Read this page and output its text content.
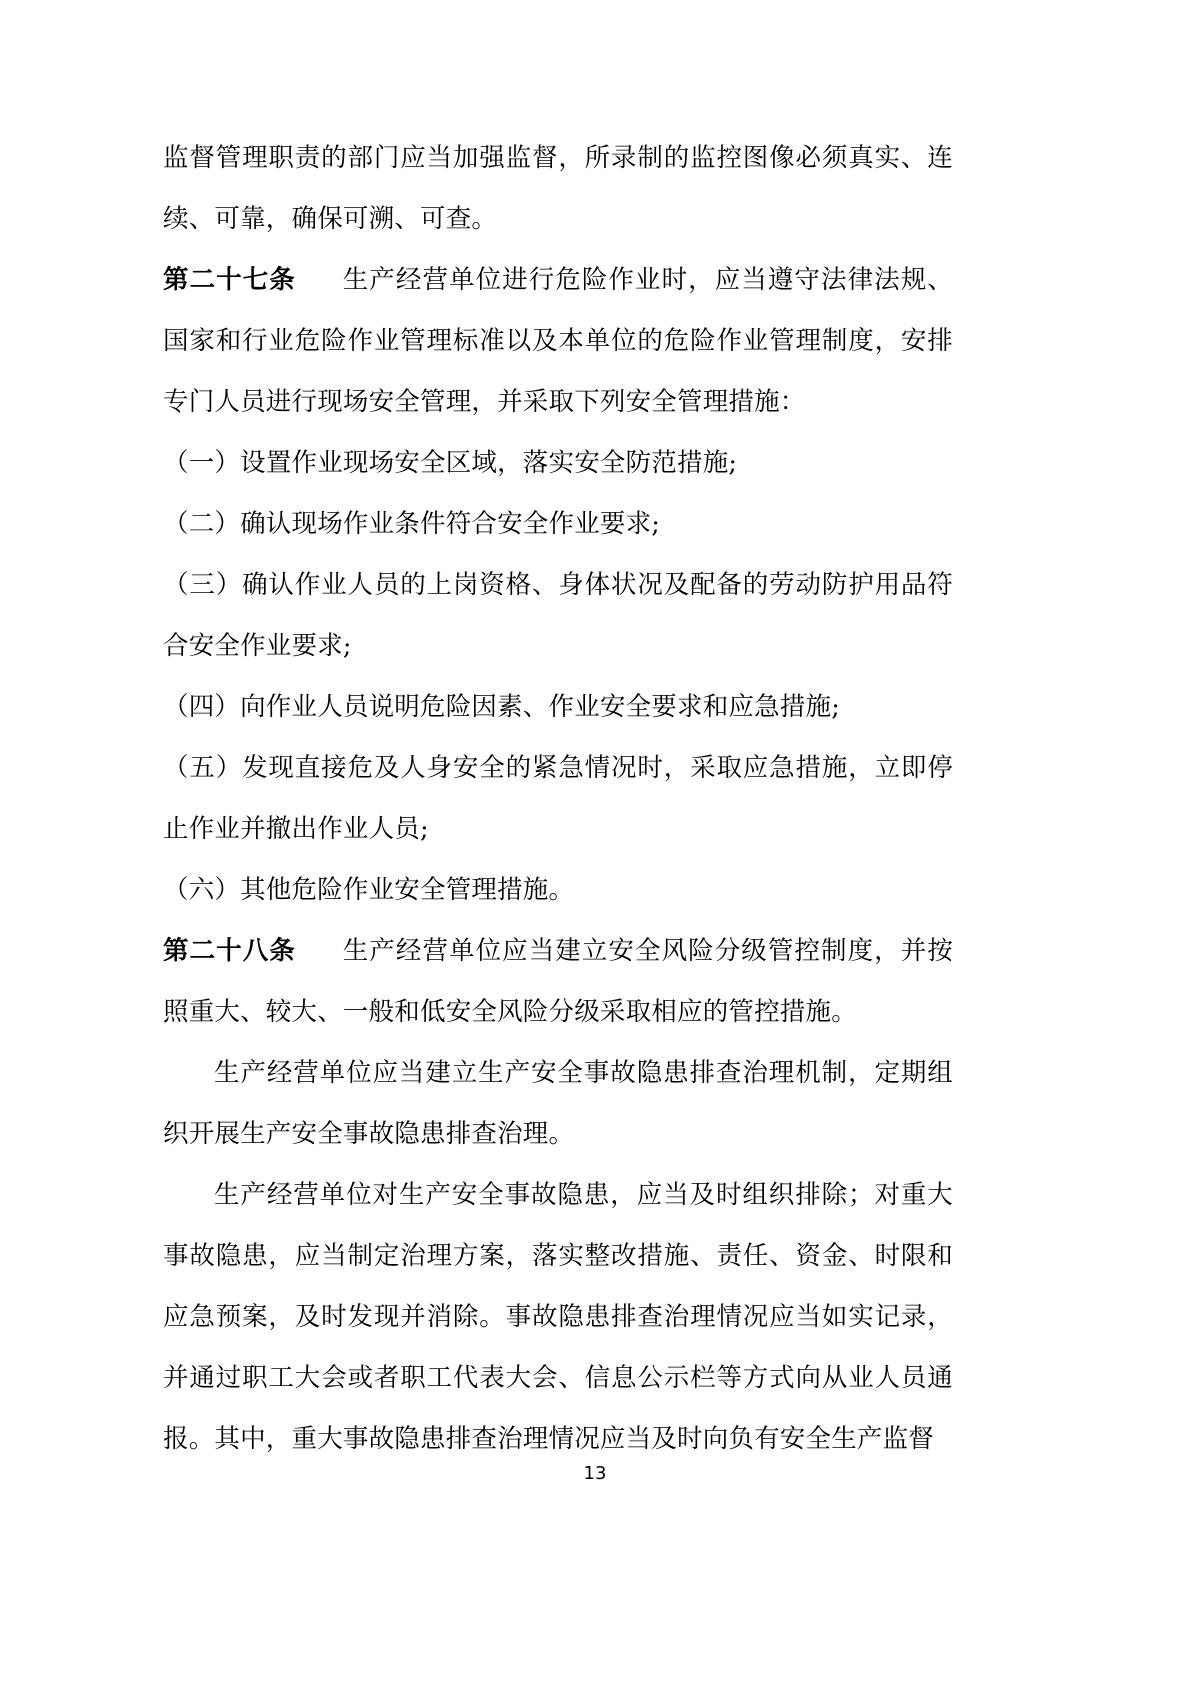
监督管理职责的部门应当加强监督，所录制的监控图像必须真实、连续、可靠，确保可溯、可查。

第二十七条 生产经营单位进行危险作业时，应当遵守法律法规、国家和行业危险作业管理标准以及本单位的危险作业管理制度，安排专门人员进行现场安全管理，并采取下列安全管理措施：

（一）设置作业现场安全区域，落实安全防范措施;

（二）确认现场作业条件符合安全作业要求;

（三）确认作业人员的上岗资格、身体状况及配备的劳动防护用品符合安全作业要求;

（四）向作业人员说明危险因素、作业安全要求和应急措施;

（五）发现直接危及人身安全的紧急情况时，采取应急措施，立即停止作业并撤出作业人员;

（六）其他危险作业安全管理措施。

第二十八条 生产经营单位应当建立安全风险分级管控制度，并按照重大、较大、一般和低安全风险分级采取相应的管控措施。

生产经营单位应当建立生产安全事故隐患排查治理机制，定期组织开展生产安全事故隐患排查治理。

生产经营单位对生产安全事故隐患，应当及时组织排除；对重大事故隐患，应当制定治理方案，落实整改措施、责任、资金、时限和应急预案，及时发现并消除。事故隐患排查治理情况应当如实记录，并通过职工大会或者职工代表大会、信息公示栏等方式向从业人员通报。其中，重大事故隐患排查治理情况应当及时向负有安全生产监督

13
